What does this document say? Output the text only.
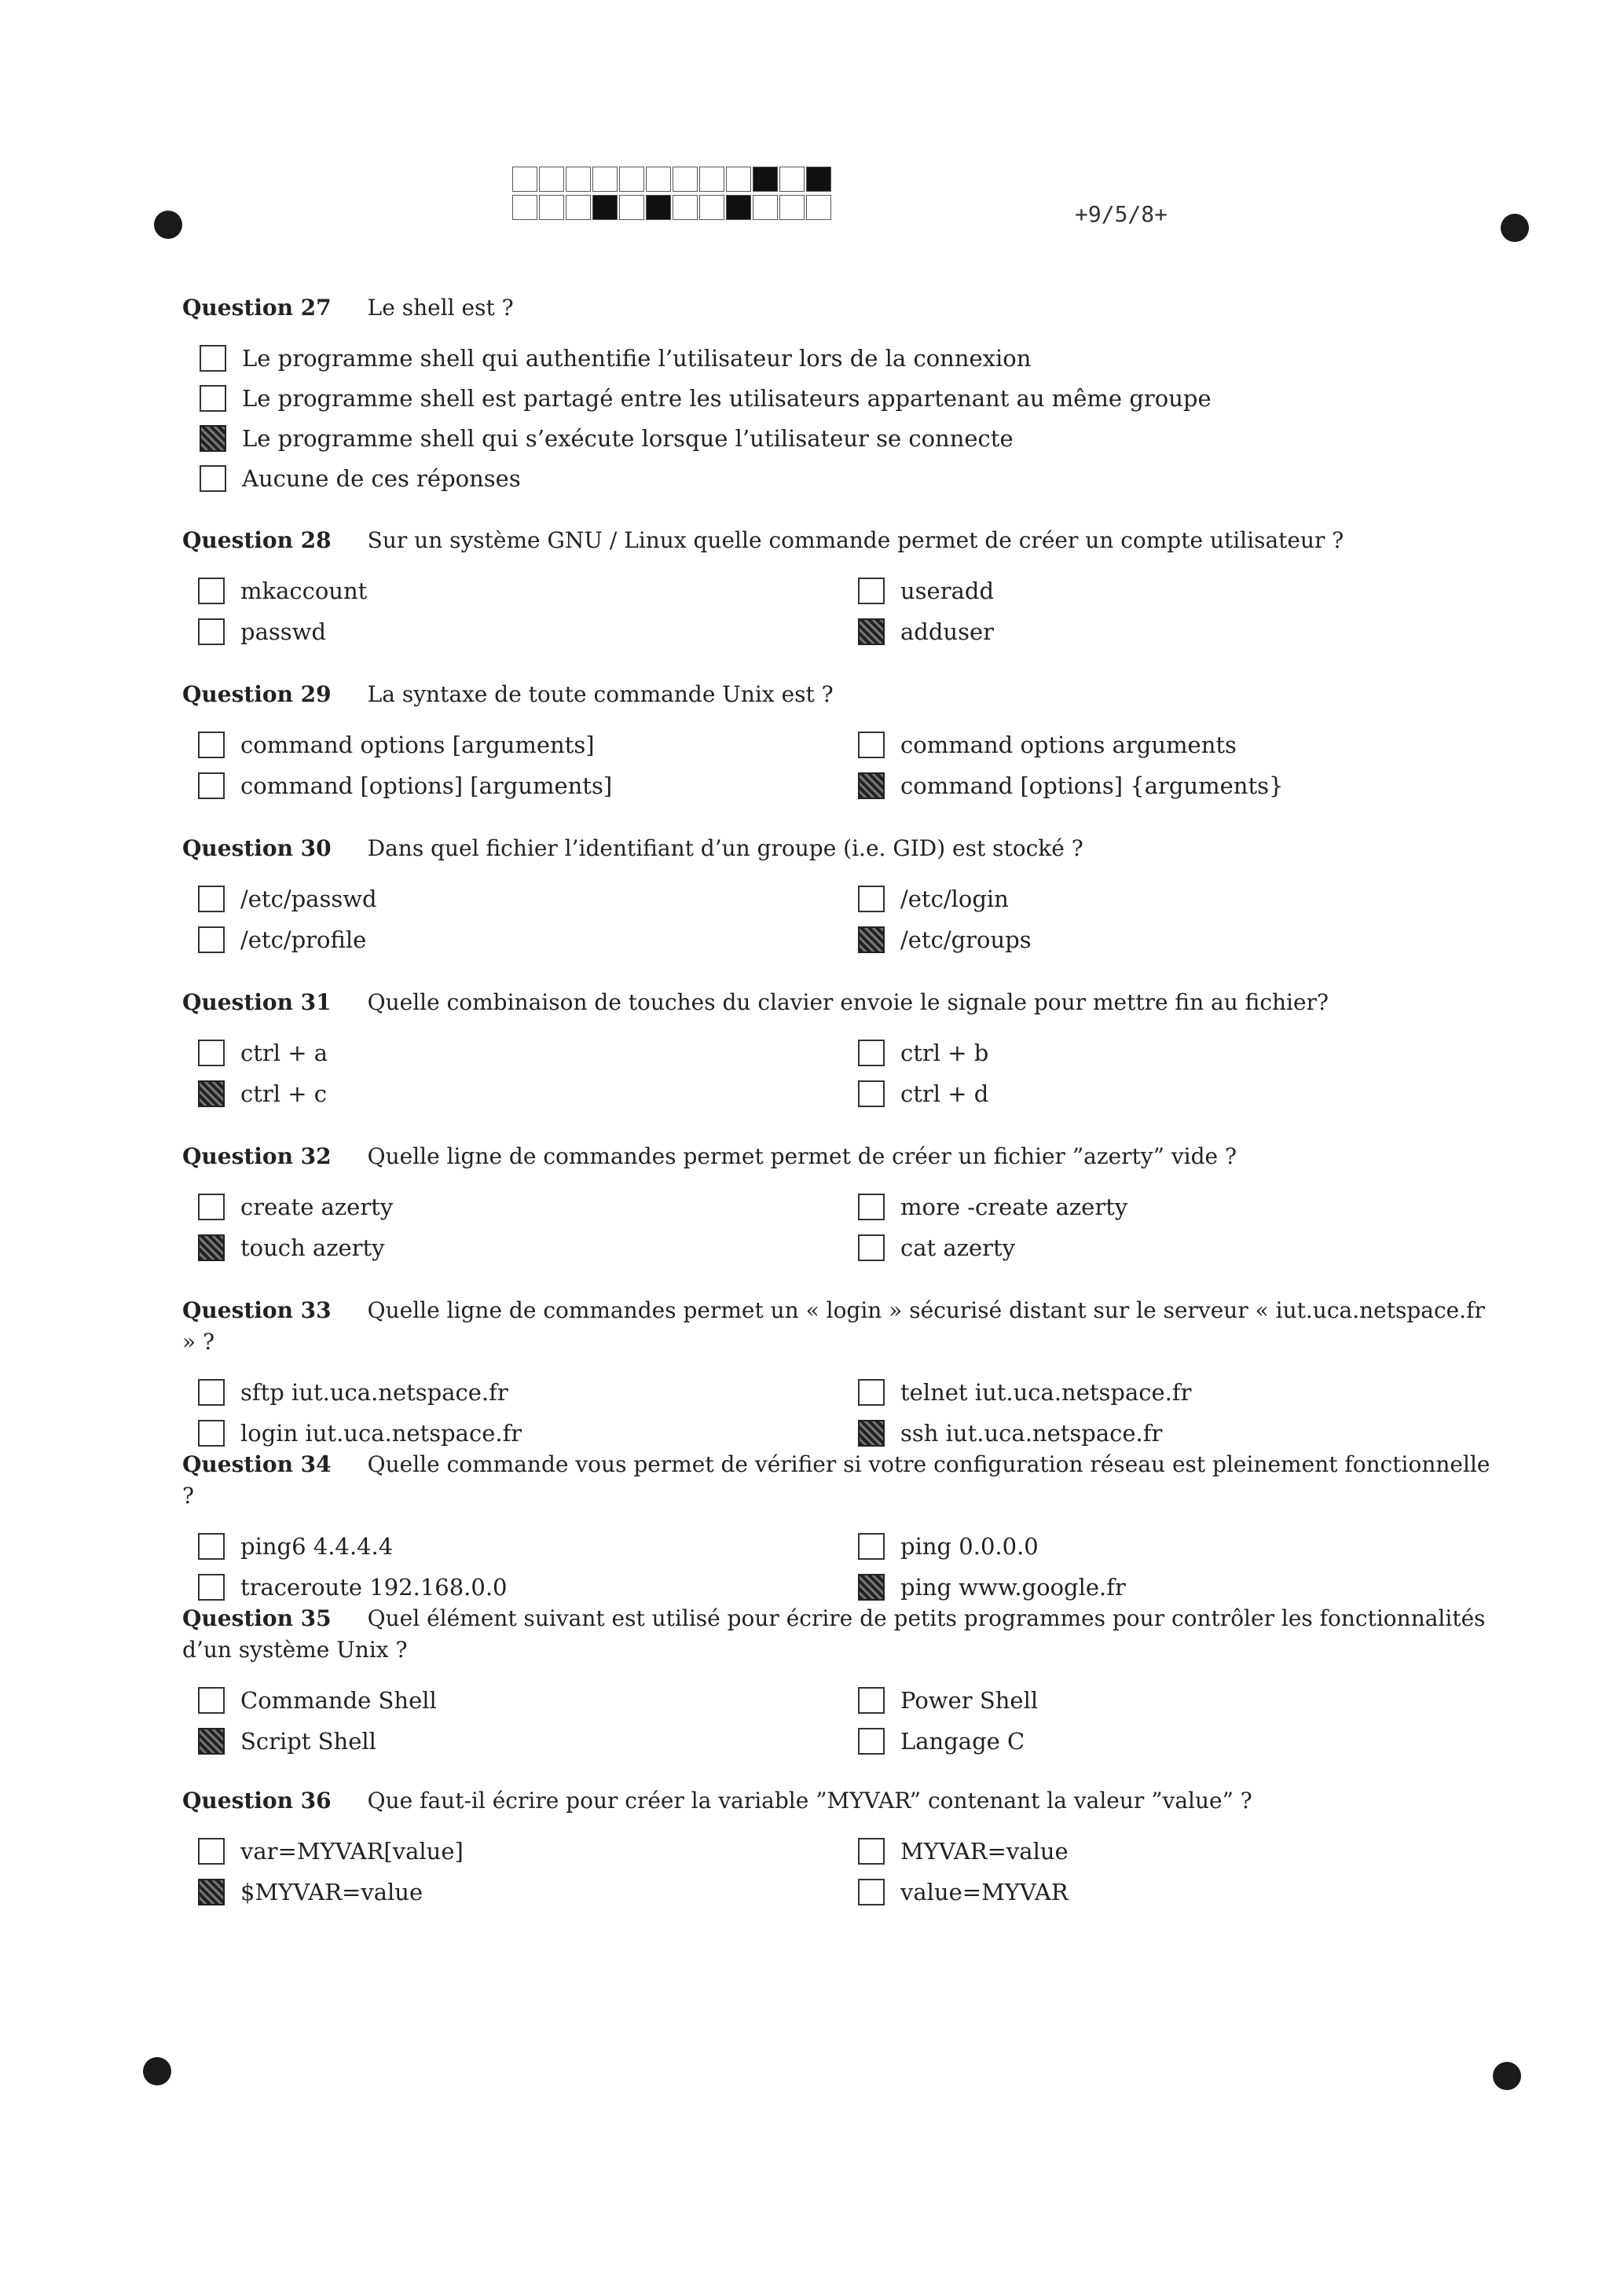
+9/5/8+
Question 27 Le shell est ?
Le programme shell qui authentifie l’utilisateur lors de la connexion
Le programme shell est partagé entre les utilisateurs appartenant au même groupe
Le programme shell qui s’exécute lorsque l’utilisateur se connecte
Aucune de ces réponses
Question 28 Sur un système GNU / Linux quelle commande permet de créer un compte utilisateur ?
mkaccount	useradd
passwd	adduser
Question 29 La syntaxe de toute commande Unix est ?
command options [arguments]	command options arguments
command [options] [arguments]	command [options] {arguments}
Question 30 Dans quel fichier l’identifiant d’un groupe (i.e. GID) est stocké ?
/etc/passwd	/etc/login
/etc/profile	/etc/groups
Question 31 Quelle combinaison de touches du clavier envoie le signale pour mettre fin au fichier?
ctrl + a	ctrl + b
ctrl + c	ctrl + d
Question 32 Quelle ligne de commandes permet permet de créer un fichier ”azerty” vide ?
create azerty	more -create azerty
touch azerty	cat azerty
Question 33 Quelle ligne de commandes permet un « login » sécurisé distant sur le serveur « iut.uca.netspace.fr » ?
sftp iut.uca.netspace.fr	telnet iut.uca.netspace.fr
login iut.uca.netspace.fr	ssh iut.uca.netspace.fr
Question 34 Quelle commande vous permet de vérifier si votre configuration réseau est pleinement fonctionnelle ?
ping6 4.4.4.4	ping 0.0.0.0
traceroute 192.168.0.0	ping www.google.fr
Question 35 Quel élément suivant est utilisé pour écrire de petits programmes pour contrôler les fonctionnalités d’un système Unix ?
Commande Shell	Power Shell
Script Shell	Langage C
Question 36 Que faut-il écrire pour créer la variable ”MYVAR” contenant la valeur ”value” ?
var=MYVAR[value]	MYVAR=value
$MYVAR=value	value=MYVAR
